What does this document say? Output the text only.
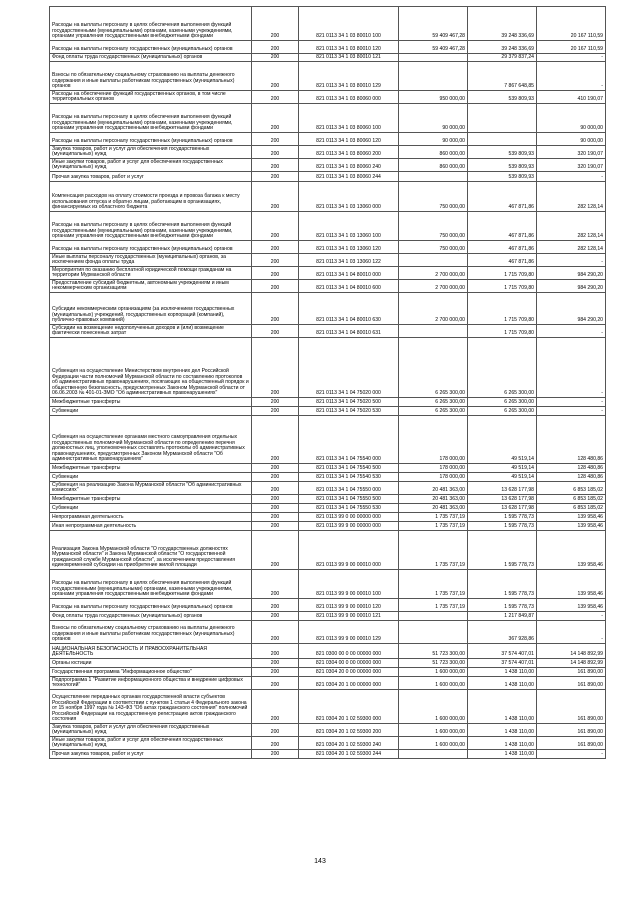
Расходы на выплаты персоналу в целях обеспечения выполнения функций государственными (муниципальными) органами, казенными учреждениями, органами управления государственными внебюджетными фондами	200	821 0113 34 1 03 80010 100	59 409 467,28	39 248 336,69	20 167 110,59
Расходы на выплаты персоналу государственных (муниципальных) органов	200	821 0113 34 1 03 80010 120	59 409 467,28	39 248 336,69	20 167 110,59
Фонд оплаты труда государственных (муниципальных) органов	200	821 0113 34 1 03 80010 121		29 379 837,24	-
Взносы по обязательному социальному страхованию на выплаты денежного содержания и иные выплаты работникам государственных (муниципальных) органов	200	821 0113 34 1 03 80010 129		7 867 648,85	-
Расходы на обеспечение функций государственных органов, в том числе территориальных органов	200	821 0113 34 1 03 80060 000	950 000,00	539 809,93	410 190,07
Расходы на выплаты персоналу в целях обеспечения выполнения функций государственными (муниципальными) органами, казенными учреждениями, органами управления государственными внебюджетными фондами	200	821 0113 34 1 03 80060 100	90 000,00		90 000,00
Расходы на выплаты персоналу государственных (муниципальных) органов	200	821 0113 34 1 03 80060 120	90 000,00		90 000,00
Закупка товаров, работ и услуг для обеспечения государственных (муниципальных) нужд	200	821 0113 34 1 03 80060 200	860 000,00	539 809,93	320 190,07
Иные закупки товаров, работ и услуг для обеспечения государственных (муниципальных) нужд	200	821 0113 34 1 03 80060 240	860 000,00	539 809,93	320 190,07
Прочая закупка товаров, работ и услуг	200	821 0113 34 1 03 80060 244		539 809,93	-
Компенсация расходов на оплату стоимости проезда и провоза багажа к месту использования отпуска и обратно лицам, работающим в организациях, финансируемых из областного бюджета	200	821 0113 34 1 03 13060 000	750 000,00	467 871,86	282 128,14
Расходы на выплаты персоналу в целях обеспечения выполнения функций государственными (муниципальными) органами, казенными учреждениями, органами управления государственными внебюджетными фондами	200	821 0113 34 1 03 13060 100	750 000,00	467 871,86	282 128,14
Расходы на выплаты персоналу государственных (муниципальных) органов	200	821 0113 34 1 03 13060 120	750 000,00	467 871,86	282 128,14
Иные выплаты персоналу государственных (муниципальных) органов, за исключением фонда оплаты труда	200	821 0113 34 1 03 13060 122		467 871,86	-
Мероприятия по оказанию бесплатной юридической помощи гражданам на территории Мурманской области	200	821 0113 34 1 04 80010 000	2 700 000,00	1 715 709,80	984 290,20
Предоставление субсидий бюджетным, автономным учреждениям и иным некоммерческим организациям	200	821 0113 34 1 04 80010 600	2 700 000,00	1 715 709,80	984 290,20
Субсидии некоммерческим организациям (за исключением государственных (муниципальных) учреждений, государственных корпораций (компаний), публично-правовых компаний)	200	821 0113 34 1 04 80010 630	2 700 000,00	1 715 709,80	984 290,20
Субсидии на возмещение недополученных доходов и (или) возмещение фактически понесенных затрат	200	821 0113 34 1 04 80010 631		1 715 709,80	-
Субвенция на осуществление Министерством внутренних дел Российской Федерации части полномочий Мурманской области по составлению протоколов об административных правонарушениях, посягающих на общественный порядок и общественную безопасность, предусмотренных Законом Мурманской области от 06.06.2003 № 401-01-ЗМО "Об административных правонарушениях"	200	821 0113 34 1 04 75020 000	6 265 300,00	6 265 300,00	-
Межбюджетные трансферты	200	821 0113 34 1 04 75020 500	6 265 300,00	6 265 300,00	-
Субвенции	200	821 0113 34 1 04 75020 530	6 265 300,00	6 265 300,00	-
Субвенция на осуществление органами местного самоуправления отдельных государственных полномочий Мурманской области по определению перечня должностных лиц, уполномоченных составлять протоколы об административных правонарушениях, предусмотренных Законом Мурманской области "Об административных правонарушениях"	200	821 0113 34 1 04 75540 000	178 000,00	49 519,14	128 480,86
Межбюджетные трансферты	200	821 0113 34 1 04 75540 500	178 000,00	49 519,14	128 480,86
Субвенции	200	821 0113 34 1 04 75540 530	178 000,00	49 519,14	128 480,86
Субвенция на реализацию Закона Мурманской области "Об административных комиссиях"	200	821 0113 34 1 04 75550 000	20 481 363,00	13 628 177,98	6 853 185,02
Межбюджетные трансферты	200	821 0113 34 1 04 75550 500	20 481 363,00	13 628 177,98	6 853 185,02
Субвенции	200	821 0113 34 1 04 75550 530	20 481 363,00	13 628 177,98	6 853 185,02
Непрограммная деятельность	200	821 0113 99 0 00 00000 000	1 735 737,19	1 595 778,73	139 958,46
Иная непрограммная деятельность	200	821 0113 99 9 00 00000 000	1 735 737,19	1 595 778,73	139 958,46
Реализация Закона Мурманской области "О государственных должностях Мурманской области" и Закона Мурманской области "О государственной гражданской службе Мурманской области", за исключением предоставления единовременной субсидии на приобретение жилой площади	200	821 0113 99 9 00 00010 000	1 735 737,19	1 595 778,73	139 958,46
Расходы на выплаты персоналу в целях обеспечения выполнения функций государственными (муниципальными) органами, казенными учреждениями, органами управления государственными внебюджетными фондами	200	821 0113 99 9 00 00010 100	1 735 737,19	1 595 778,73	139 958,46
Расходы на выплаты персоналу государственных (муниципальных) органов	200	821 0113 99 9 00 00010 120	1 735 737,19	1 595 778,73	139 958,46
Фонд оплаты труда государственных (муниципальных) органов	200	821 0113 99 9 00 00010 121		1 217 849,87	-
Взносы по обязательному социальному страхованию на выплаты денежного содержания и иные выплаты работникам государственных (муниципальных) органов	200	821 0113 99 9 00 00010 129		367 928,86	-
НАЦИОНАЛЬНАЯ БЕЗОПАСНОСТЬ И ПРАВООХРАНИТЕЛЬНАЯ ДЕЯТЕЛЬНОСТЬ	200	821 0300 00 0 00 00000 000	51 723 300,00	37 574 407,01	14 148 892,99
Органы юстиции	200	821 0304 00 0 00 00000 000	51 723 300,00	37 574 407,01	14 148 892,99
Государственная программа "Информационное общество"	200	821 0304 20 0 00 00000 000	1 600 000,00	1 438 110,00	161 890,00
Подпрограмма 1 "Развитие информационного общества и внедрение цифровых технологий"	200	821 0304 20 1 00 00000 000	1 600 000,00	1 438 110,00	161 890,00
Осуществление переданных органам государственной власти субъектов Российской Федерации в соответствии с пунктом 1 статьи 4 Федерального закона от 15 ноября 1997 года № 143-ФЗ "Об актах гражданского состояния" полномочий Российской Федерации на государственную регистрацию актов гражданского состояния	200	821 0304 20 1 02 59300 000	1 600 000,00	1 438 110,00	161 890,00
Закупка товаров, работ и услуг для обеспечения государственных (муниципальных) нужд	200	821 0304 20 1 02 59300 200	1 600 000,00	1 438 110,00	161 890,00
Иные закупки товаров, работ и услуг для обеспечения государственных (муниципальных) нужд	200	821 0304 20 1 02 59300 240	1 600 000,00	1 438 110,00	161 890,00
Прочая закупка товаров, работ и услуг	200	821 0304 20 1 02 59300 244		1 438 110,00	-
143
